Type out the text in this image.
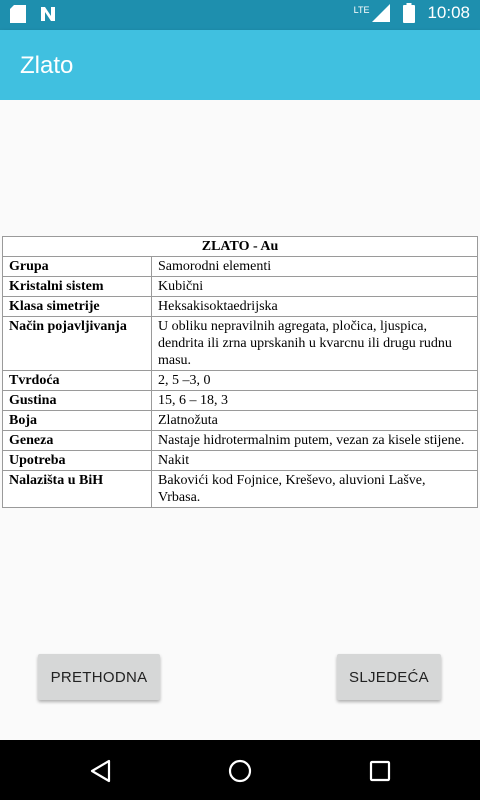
LTE	10:08
Zlato
ZLATO - Au	
Grupa	Samorodni elementi
Kristalni sistem	Kubični
Klasa simetrije	Heksakisoktaedrijska
Način pojavljivanja	U obliku nepravilnih agregata, pločica, ljuspica, dendrita ili zrna uprskanih u kvarcnu ili drugu rudnu masu.
Tvrdoća	2, 5 –3, 0
Gustina	15, 6 – 18, 3
Boja	Zlatnožuta
Geneza	Nastaje hidrotermalnim putem, vezan za kisele stijene.
Upotreba	Nakit
Nalazišta u BiH	Bakovići kod Fojnice, Kreševo, aluvioni Lašve, Vrbasa.
PRETHODNA	SLJEDEĆA
